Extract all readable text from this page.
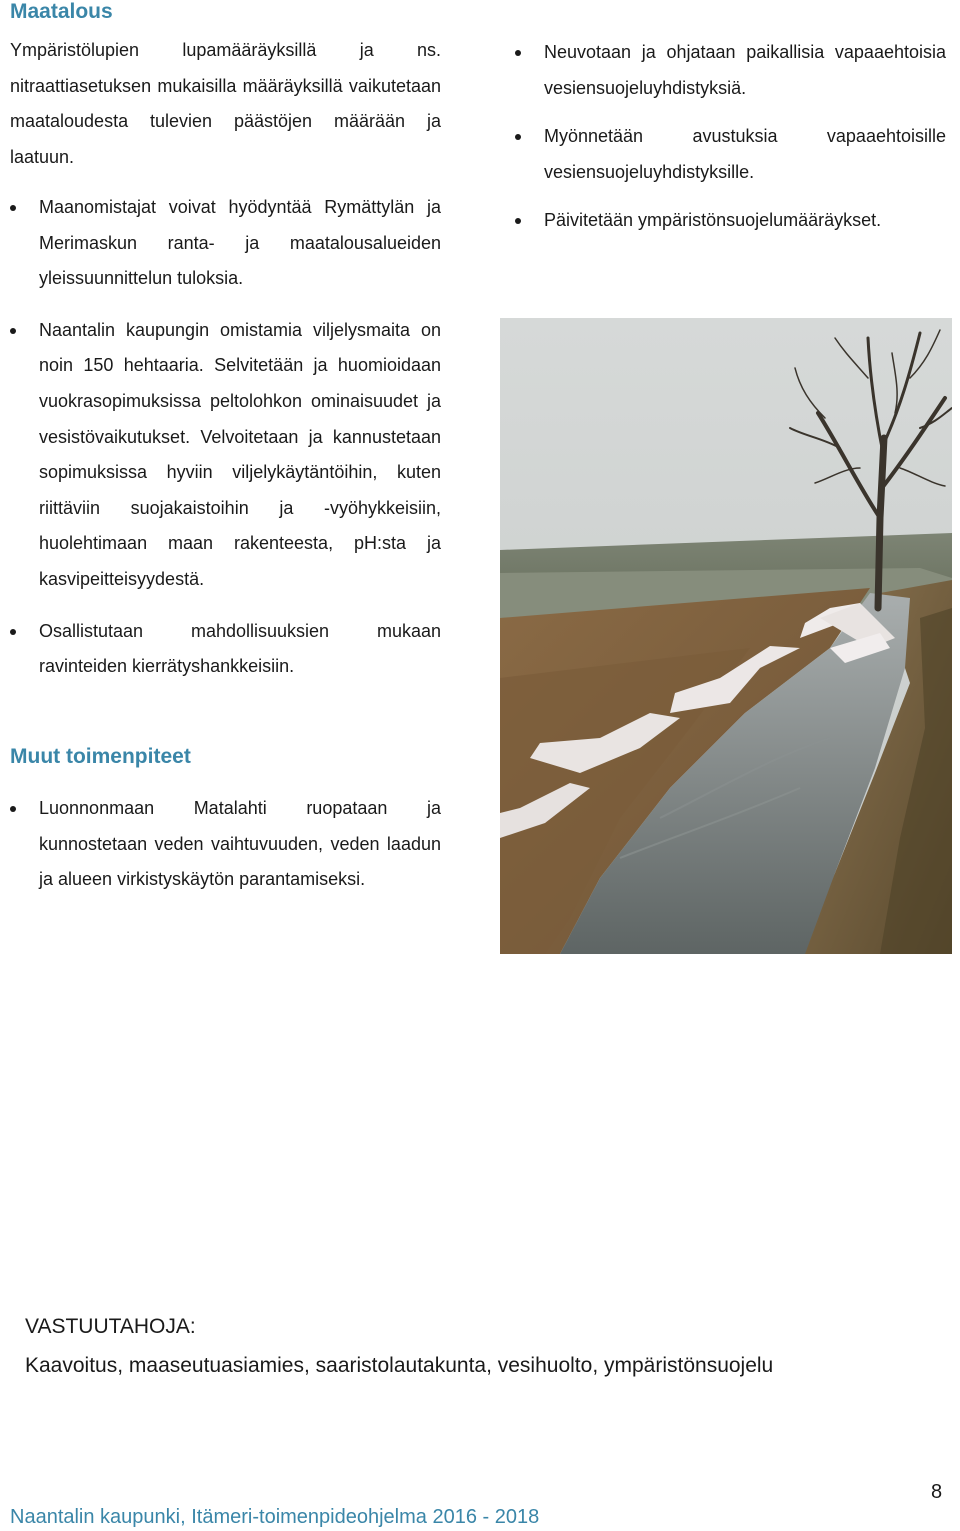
Maatalous

Ympäristölupien lupamääräyksillä ja ns. nitraattiasetuksen mukaisilla määräyksillä vaikutetaan maataloudesta tulevien päästöjen määrään ja laatuun.

Maanomistajat voivat hyödyntää Rymättylän ja Merimaskun ranta- ja maatalousalueiden yleissuunnittelun tuloksia.
Naantalin kaupungin omistamia viljelysmaita on noin 150 hehtaaria. Selvitetään ja huomioidaan vuokrasopimuksissa peltolohkon ominaisuudet ja vesistövaikutukset. Velvoitetaan ja kannustetaan sopimuksissa hyviin viljelykäytäntöihin, kuten riittäviin suojakaistoihin ja -vyöhykkeisiin, huolehtimaan maan rakenteesta, pH:sta ja kasvipeitteisyydestä.
Osallistutaan mahdollisuuksien mukaan ravinteiden kierrätyshankkeisiin.
Muut toimenpiteet
Luonnonmaan Matalahti ruopataan ja kunnostetaan veden vaihtuvuuden, veden laadun ja alueen virkistyskäytön parantamiseksi.
Neuvotaan ja ohjataan paikallisia vapaaehtoisia vesiensuojeluyhdistyksiä.
Myönnetään avustuksia vapaaehtoisille vesiensuojeluyhdistyksille.
Päivitetään ympäristönsuojelumääräykset.

VASTUUTAHOJA:

Kaavoitus, maaseutuasiamies, saaristolautakunta, vesihuolto, ympäristönsuojelu

8

Naantalin kaupunki, Itämeri-toimenpideohjelma 2016 - 2018
